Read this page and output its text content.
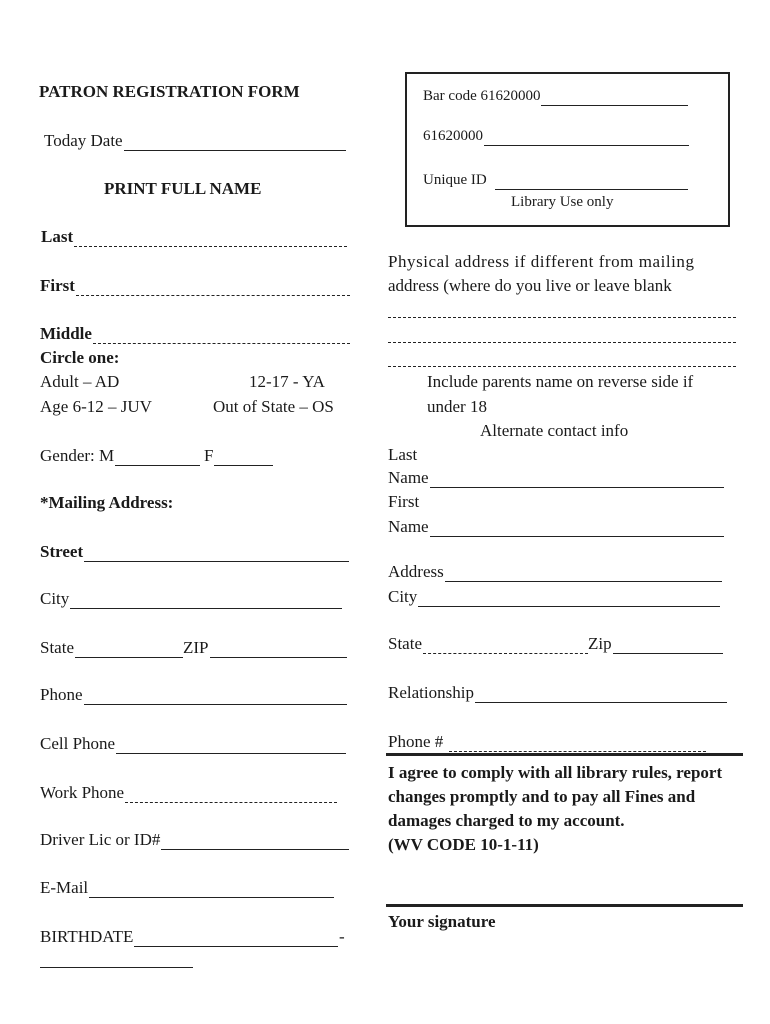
PATRON REGISTRATION FORM
Today Date
PRINT FULL NAME
Last
First
Middle
Circle one:
Adult – AD	12-17 - YA
Age 6-12 – JUV	Out of State – OS
Gender: M	F
*Mailing Address:
Street
City
State	ZIP
Phone
Cell Phone
Work Phone
Driver Lic or ID#
E-Mail
BIRTHDATE	-
Bar code 61620000
61620000
Unique ID
Library Use only
Physical address if different from mailing
address (where do you live or leave blank
Include parents name on reverse side if
under 18
Alternate contact info
Last
Name
First
Name
Address
City
State	Zip
Relationship
Phone #
I agree to comply with all library rules, report changes promptly and to pay all Fines and damages charged to my account.
(WV CODE 10-1-11)
Your signature
